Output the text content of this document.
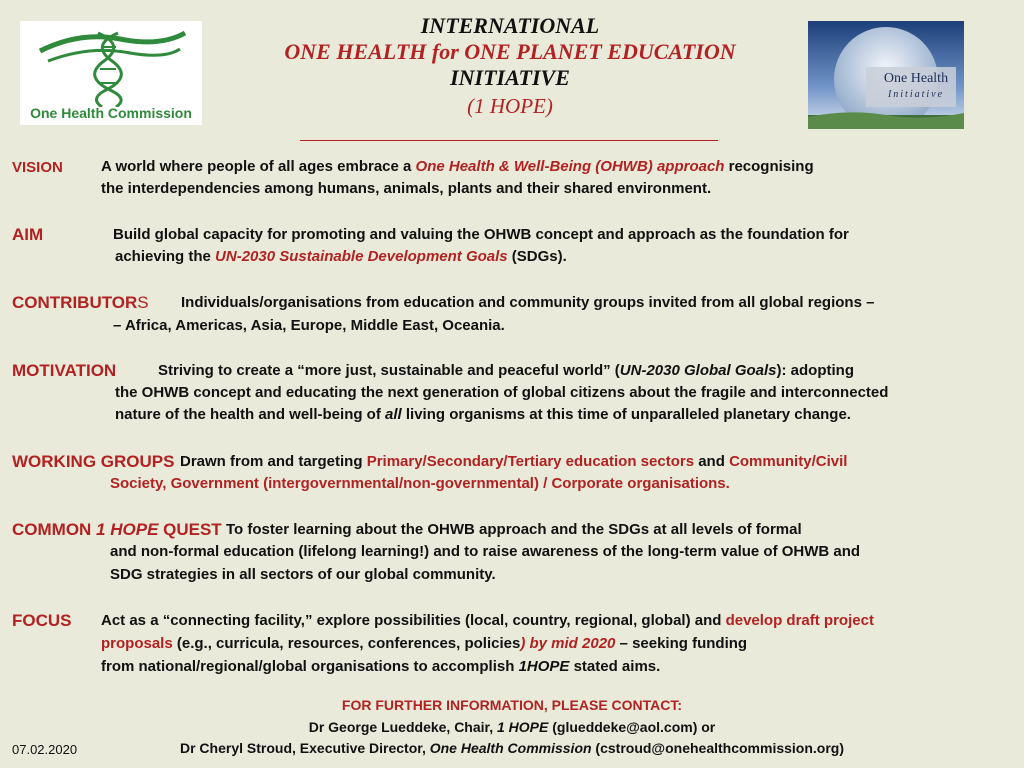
One Health Commission
One Health
Initiative
INTERNATIONAL
ONE HEALTH for ONE PLANET EDUCATION
INITIATIVE
(1 HOPE)
VISION	A world where people of all ages embrace a One Health & Well-Being (OHWB) approach recognising
the interdependencies among humans, animals, plants and their shared environment.
AIM	Build global capacity for promoting and valuing the OHWB concept and approach as the foundation for
achieving the UN-2030 Sustainable Development Goals (SDGs).
CONTRIBUTORS Individuals/organisations from education and community groups invited from all global regions –
– Africa, Americas, Asia, Europe, Middle East, Oceania.
MOTIVATION	Striving to create a “more just, sustainable and peaceful world” (UN-2030 Global Goals): adopting
the OHWB concept and educating the next generation of global citizens about the fragile and interconnected
nature of the health and well-being of all living organisms at this time of unparalleled planetary change.
WORKING GROUPS Drawn from and targeting Primary/Secondary/Tertiary education sectors and Community/Civil
Society, Government (intergovernmental/non-governmental) / Corporate organisations.
COMMON 1 HOPE QUEST To foster learning about the OHWB approach and the SDGs at all levels of formal
and non-formal education (lifelong learning!) and to raise awareness of the long-term value of OHWB and
SDG strategies in all sectors of our global community.
FOCUS Act as a “connecting facility,” explore possibilities (local, country, regional, global) and develop draft project
proposals (e.g., curricula, resources, conferences, policies) by mid 2020 – seeking funding
from national/regional/global organisations to accomplish 1HOPE stated aims.
FOR FURTHER INFORMATION, PLEASE CONTACT:
Dr George Lueddeke, Chair, 1 HOPE (glueddeke@aol.com) or
Dr Cheryl Stroud, Executive Director, One Health Commission (cstroud@onehealthcommission.org)
07.02.2020
